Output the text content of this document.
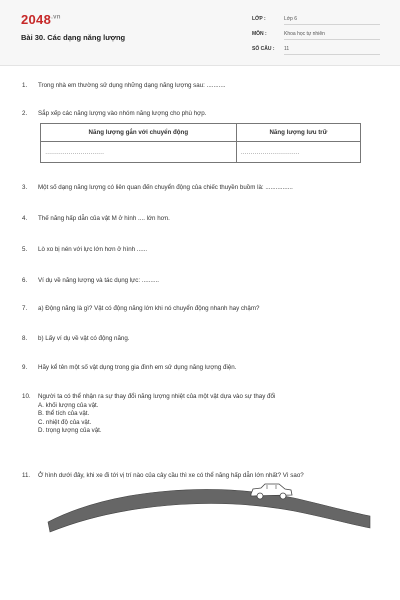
$2048^{.vn}$
Bài 30. Các dạng năng lượng
LỚP :	Lớp 6
MÔN :	Khoa học tự nhiên
SỐ CÂU : 11
1. Trong nhà em thường sử dụng những dạng năng lượng sau: ...........
2. Sắp xếp các năng lượng vào nhóm năng lượng cho phù hợp.
Năng lượng gắn với chuyển động	Năng lượng lưu trữ
…………………………	…………………………
3. Một số dạng năng lượng có liên quan đến chuyển động của chiếc thuyền buồm là: ................
4. Thế năng hấp dẫn của vật M ở hình .... lớn hơn.
5. Lò xo bị nén với lực lớn hơn ở hình ......
6. Ví dụ về năng lượng và tác dụng lực: ..........
7. a) Động năng là gì? Vật có động năng lớn khi nó chuyển động nhanh hay chậm?
8. b) Lấy ví dụ về vật có động năng.
9. Hãy kể tên một số vật dụng trong gia đình em sử dụng năng lượng điện.
10. Người ta có thể nhận ra sự thay đổi năng lượng nhiệt của một vật dựa vào sự thay đổi
A. khối lượng của vật.
B. thể tích của vật.
C. nhiệt độ của vật.
D. trọng lượng của vật.
11. Ở hình dưới đây, khi xe đi tới vị trí nào của cây cầu thì xe có thể năng hấp dẫn lớn nhất? Vì sao?
